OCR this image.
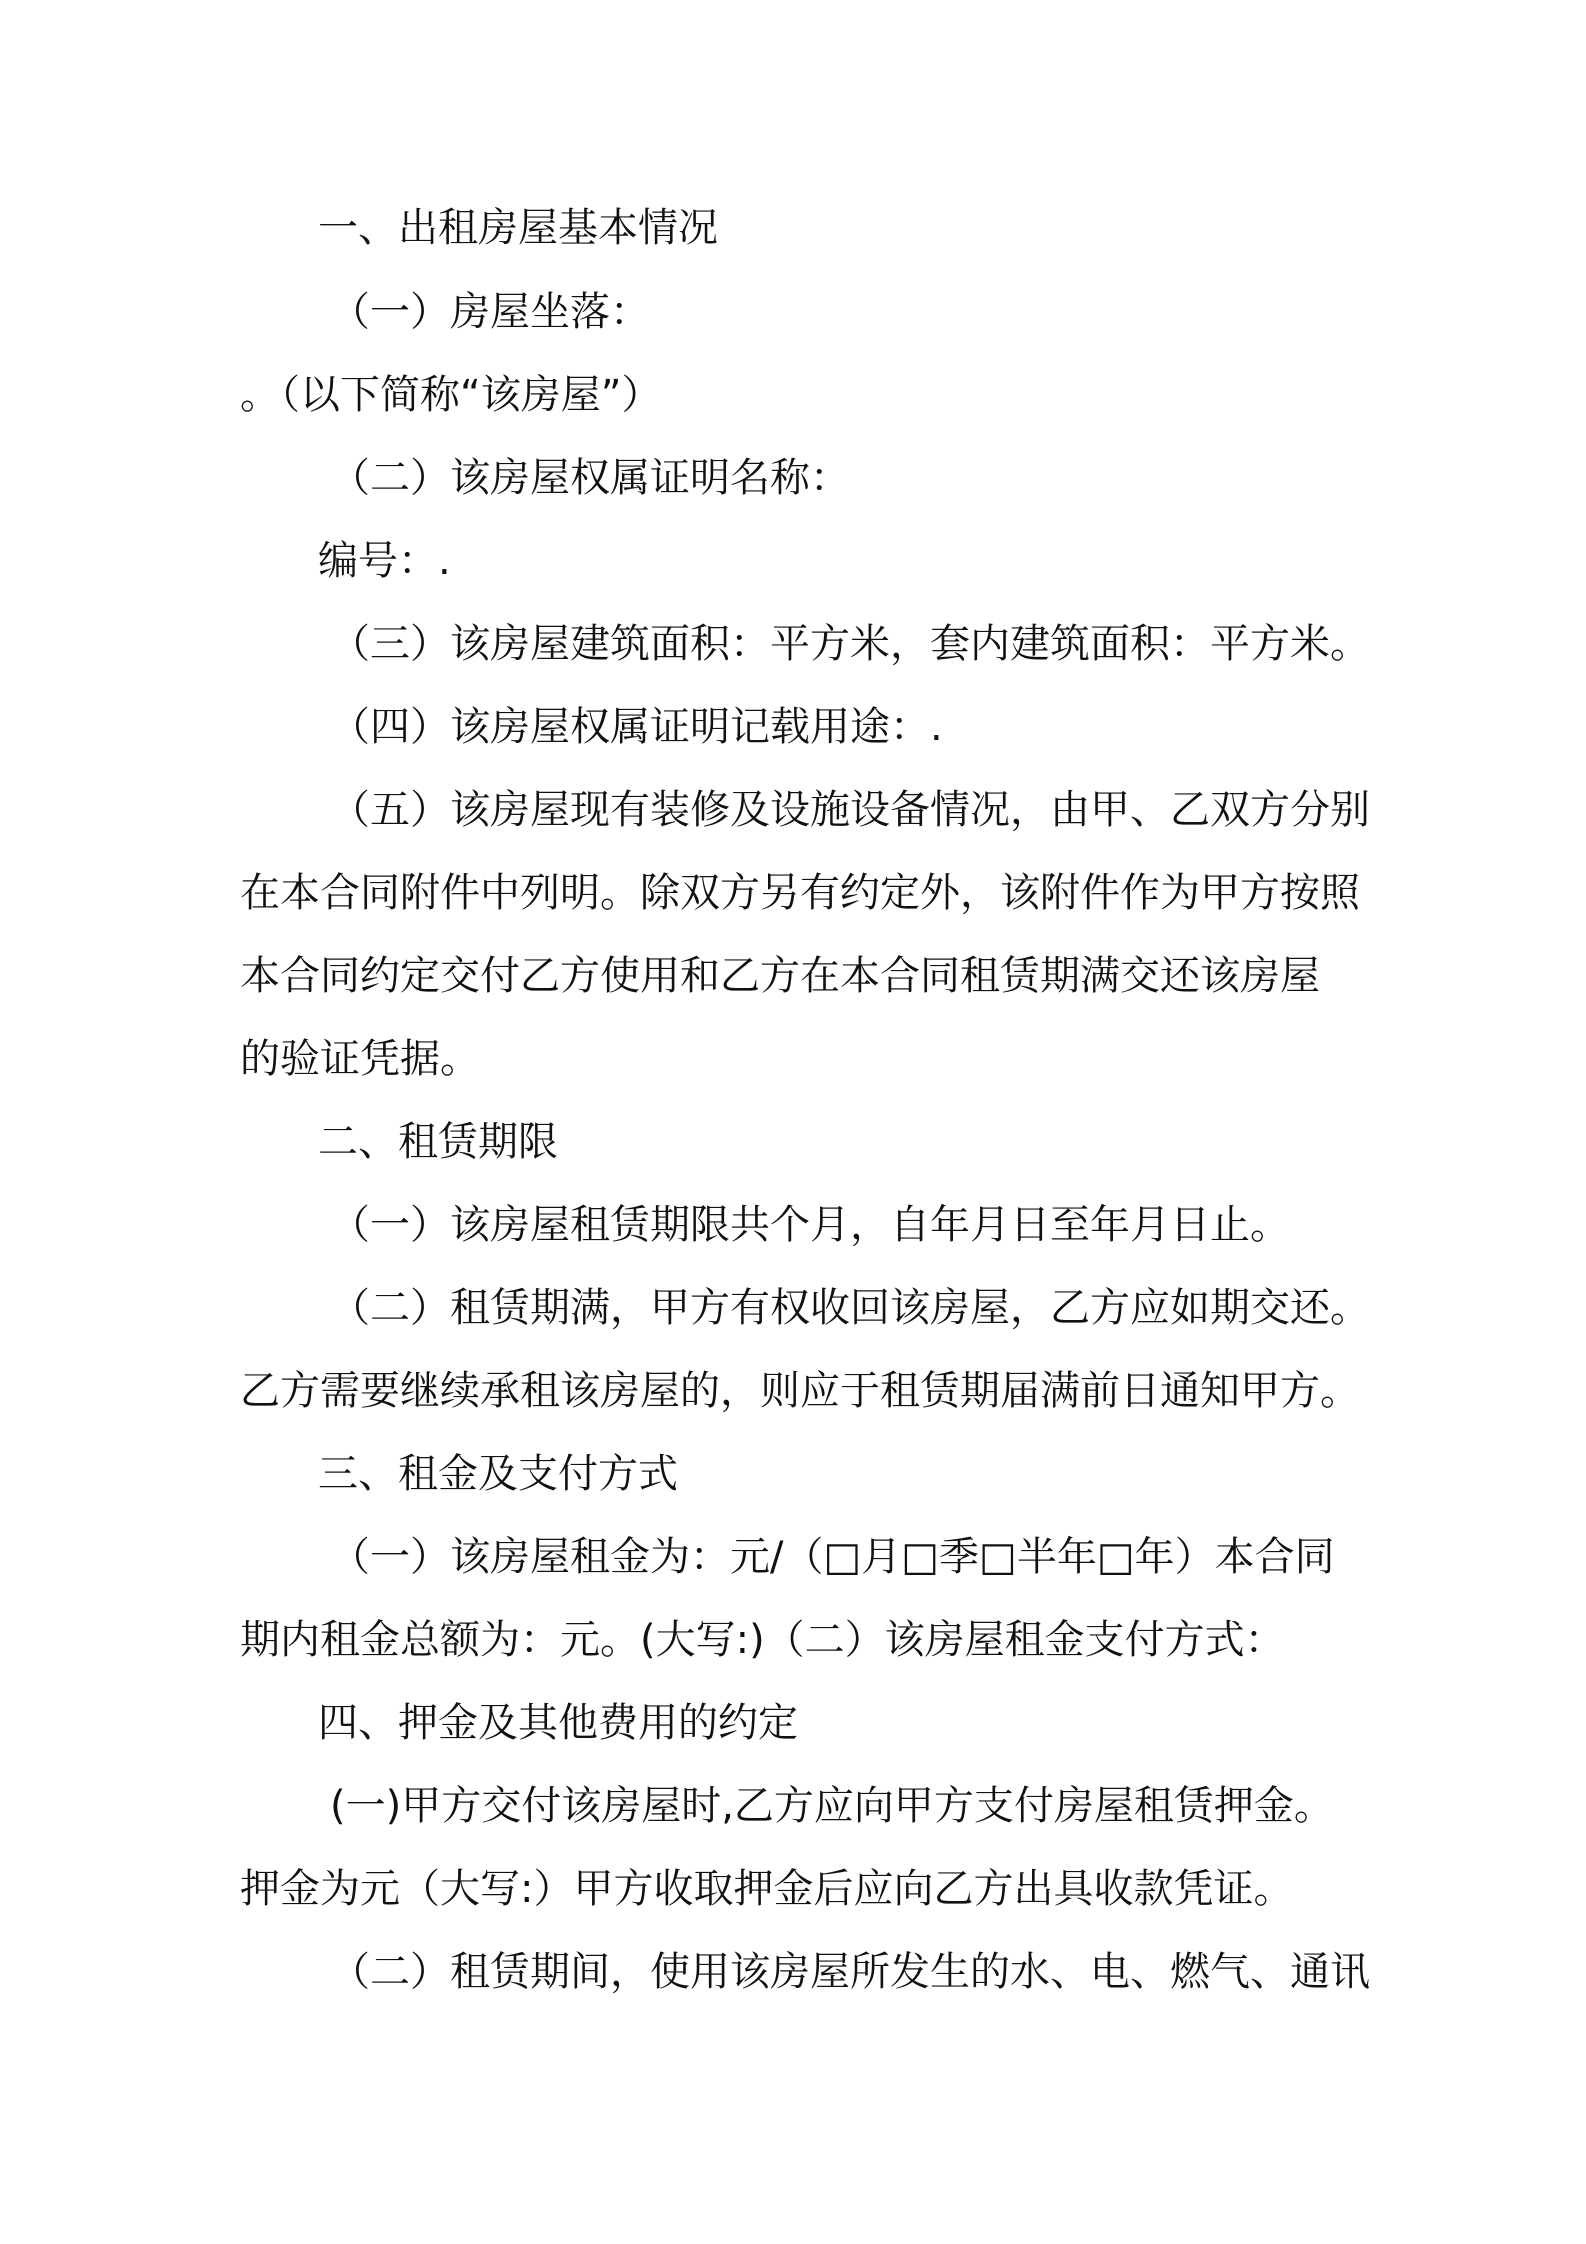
一、出租房屋基本情况
（一）房屋坐落：
。（以下简称“该房屋”）
（二）该房屋权属证明名称：
编号：.
（三）该房屋建筑面积：平方米，套内建筑面积：平方米。
（四）该房屋权属证明记载用途：.
（五）该房屋现有装修及设施设备情况，由甲、乙双方分别
在本合同附件中列明。除双方另有约定外，该附件作为甲方按照
本合同约定交付乙方使用和乙方在本合同租赁期满交还该房屋
的验证凭据。
二、租赁期限
（一）该房屋租赁期限共个月，自年月日至年月日止。
（二）租赁期满，甲方有权收回该房屋，乙方应如期交还。
乙方需要继续承租该房屋的，则应于租赁期届满前日通知甲方。
三、租金及支付方式
（一）该房屋租金为：元/（□月□季□半年□年）本合同
期内租金总额为：元。(大写:)（二）该房屋租金支付方式：
四、押金及其他费用的约定
(一)甲方交付该房屋时,乙方应向甲方支付房屋租赁押金。
押金为元（大写:）甲方收取押金后应向乙方出具收款凭证。
（二）租赁期间，使用该房屋所发生的水、电、燃气、通讯
